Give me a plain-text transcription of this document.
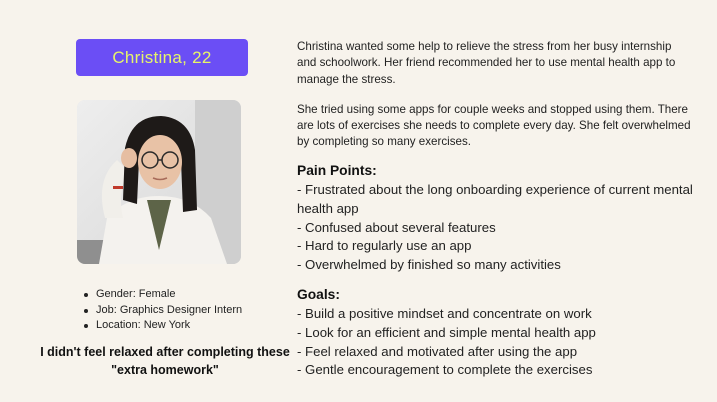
Christina, 22
Gender: Female
Job: Graphics Designer Intern
Location: New York
I didn't feel relaxed after completing these "extra homework"

Christina wanted some help to relieve the stress from her busy internship and schoolwork. Her friend recommended her to use mental health app to manage the stress.

She tried using some apps for couple weeks and stopped using them. There are lots of exercises she needs to complete every day. She felt overwhelmed by completing so many exercises.

Pain Points:
- Frustrated about the long onboarding experience of current mental health app
- Confused about several features
- Hard to regularly use an app
- Overwhelmed by finished so many activities
Goals:
- Build a positive mindset and concentrate on work
- Look for an efficient and simple mental health app
- Feel relaxed and motivated after using the app
- Gentle encouragement to complete the exercises
